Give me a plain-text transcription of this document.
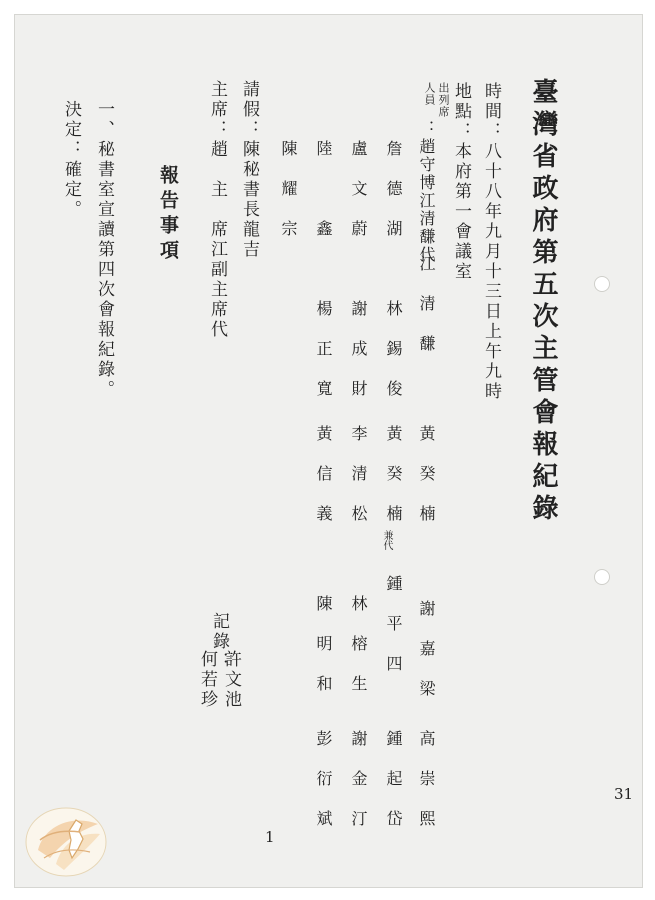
臺灣省政府第五次主管會報紀錄
時間：八十八年九月十三日上午九時
地點：本府第一會議室
出列席
人員
：趙守博江清馦代
江　清　馦
黃　癸　楠
謝　嘉　梁
高　崇　熙
詹　德　湖
林　錫　俊
黃　癸　楠
兼代
鍾　平　四
鍾　起　岱
盧　文　蔚
謝　成　財
李　清　松
林　榕　生
謝　金　汀
陸　　　鑫
楊　正　寬
黃　信　義
陳　明　和
彭　衍　斌
陳　耀　宗
請假：陳秘書長龍吉
主席：趙　主　席江副主席代
報告事項
一、秘書室宣讀第四次會報紀錄。
決定：確定。
記錄：
許文池
何若珍
1
31
